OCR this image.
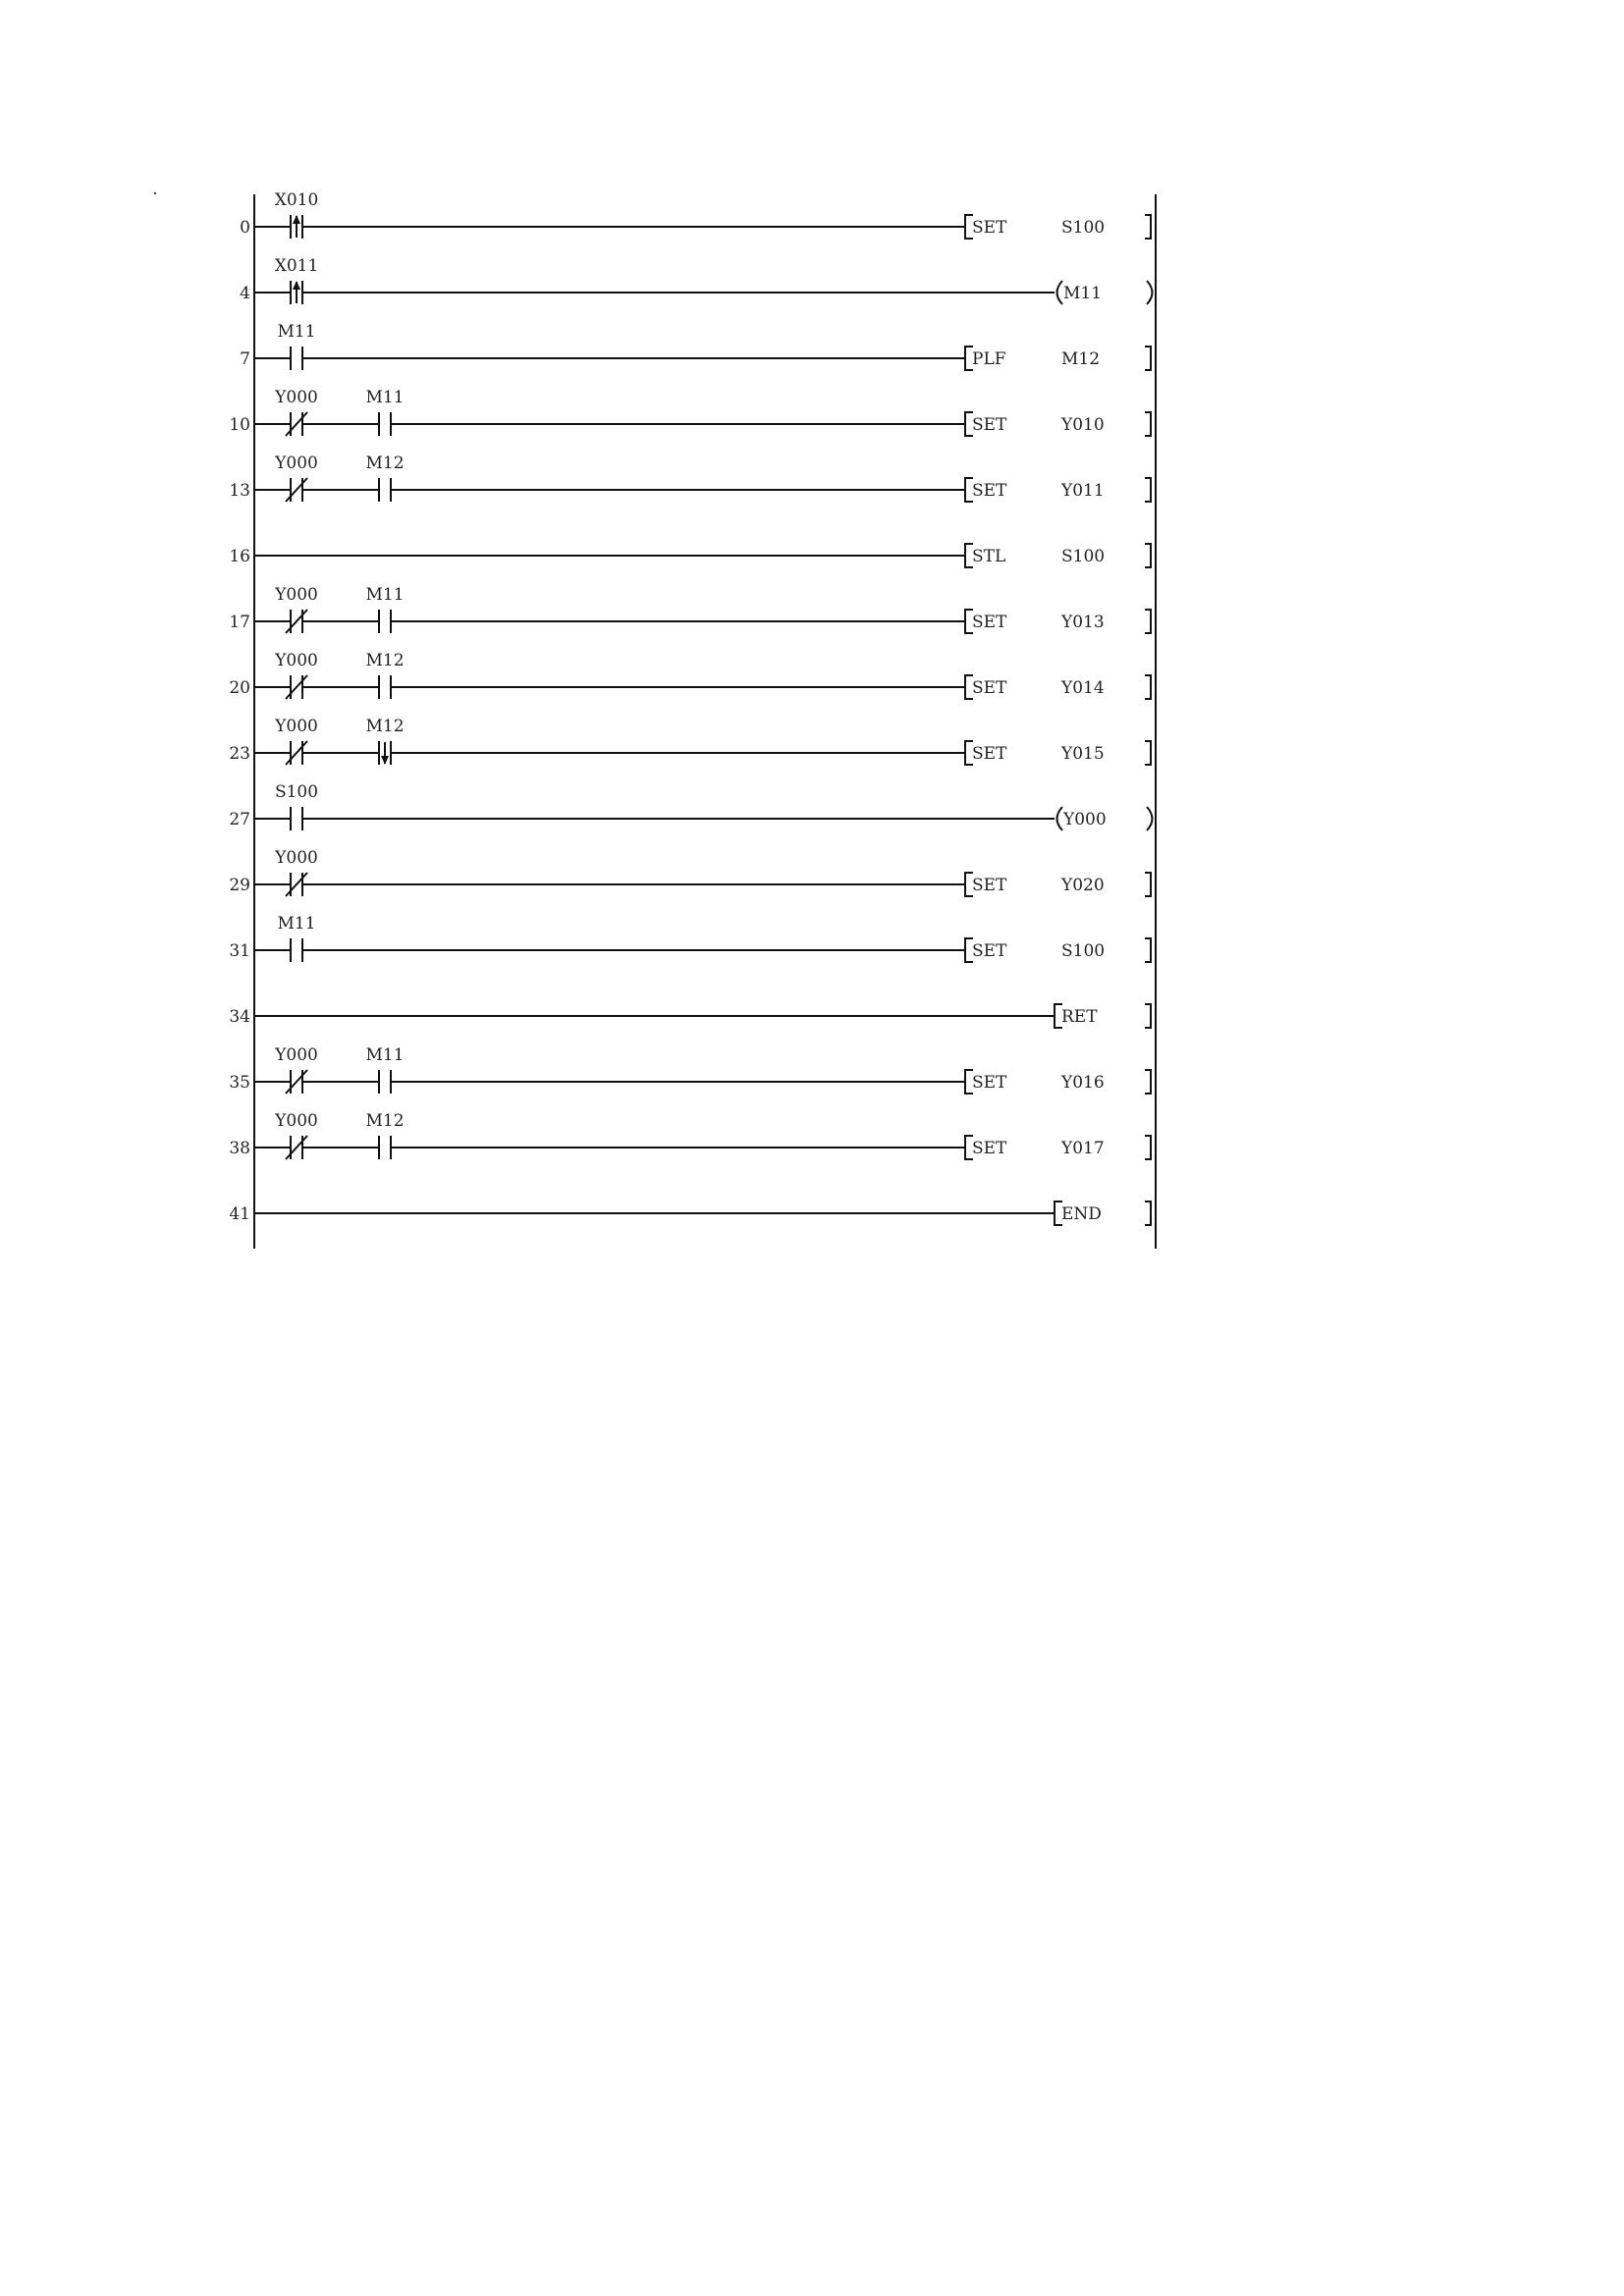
0
X010
SET	S100
4
X011
M11
7
M11
PLF	M12
10
Y000	M11
SET	Y010
13
Y000	M12
SET	Y011
16	STL	S100
17
Y000	M11
SET	Y013
20
Y000	M12
SET	Y014
23
Y000	M12
SET	Y015
27
S100
Y000
29
Y000
SET	Y020
31
M11
SET	S100
34	RET
35
Y000	M11
SET	Y016
38
Y000	M12
SET	Y017
41	END
